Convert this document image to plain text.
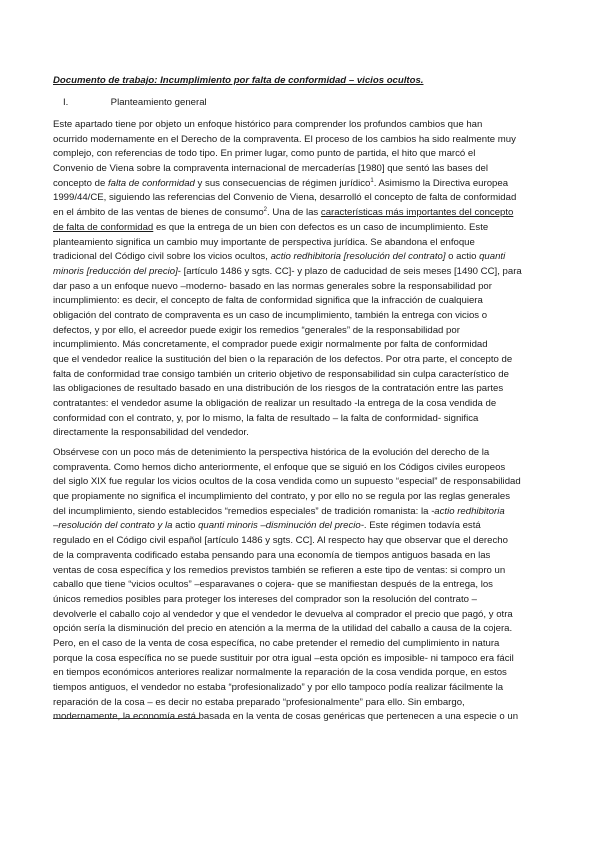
Documento de trabajo: Incumplimiento por falta de conformidad – vicios ocultos.
I.	Planteamiento general
Este apartado tiene por objeto un enfoque histórico para comprender los profundos cambios que han
ocurrido modernamente en el Derecho de la compraventa. El proceso de los cambios ha sido realmente muy
complejo, con referencias de todo tipo. En primer lugar, como punto de partida, el hito que marcó el
Convenio de Viena sobre la compraventa internacional de mercaderías [1980] que sentó las bases del
concepto de falta de conformidad y sus consecuencias de régimen jurídico$^1$. Asimismo la Directiva europea
1999/44/CE, siguiendo las referencias del Convenio de Viena, desarrolló el concepto de falta de conformidad
en el ámbito de las ventas de bienes de consumo$^2$. Una de las características más importantes del concepto
de falta de conformidad es que la entrega de un bien con defectos es un caso de incumplimiento. Este
planteamiento significa un cambio muy importante de perspectiva jurídica. Se abandona el enfoque
tradicional del Código civil sobre los vicios ocultos, actio redhibitoria [resolución del contrato] o actio quanti
minoris [reducción del precio]- [artículo 1486 y sgts. CC]- y plazo de caducidad de seis meses [1490 CC], para
dar paso a un enfoque nuevo –moderno- basado en las normas generales sobre la responsabilidad por
incumplimiento: es decir, el concepto de falta de conformidad significa que la infracción de cualquiera
obligación del contrato de compraventa es un caso de incumplimiento, también la entrega con vicios o
defectos, y por ello, el acreedor puede exigir los remedios “generales” de la responsabilidad por
incumplimiento. Más concretamente, el comprador puede exigir normalmente por falta de conformidad
que el vendedor realice la sustitución del bien o la reparación de los defectos. Por otra parte, el concepto de
falta de conformidad trae consigo también un criterio objetivo de responsabilidad sin culpa característico de
las obligaciones de resultado basado en una distribución de los riesgos de la contratación entre las partes
contratantes: el vendedor asume la obligación de realizar un resultado -la entrega de la cosa vendida de
conformidad con el contrato, y, por lo mismo, la falta de resultado – la falta de conformidad- significa
directamente la responsabilidad del vendedor.
Obsérvese con un poco más de detenimiento la perspectiva histórica de la evolución del derecho de la
compraventa. Como hemos dicho anteriormente, el enfoque que se siguió en los Códigos civiles europeos
del siglo XIX fue regular los vicios ocultos de la cosa vendida como un supuesto “especial” de responsabilidad
que propiamente no significa el incumplimiento del contrato, y por ello no se regula por las reglas generales
del incumplimiento, siendo establecidos “remedios especiales” de tradición romanista: la -actio redhibitoria
–resolución del contrato y la actio quanti minoris –disminución del precio-. Este régimen todavía está
regulado en el Código civil español [artículo 1486 y sgts. CC]. Al respecto hay que observar que el derecho
de la compraventa codificado estaba pensando para una economía de tiempos antiguos basada en las
ventas de cosa específica y los remedios previstos también se refieren a este tipo de ventas: si compro un
caballo que tiene “vicios ocultos” –esparavanes o cojera- que se manifiestan después de la entrega, los
únicos remedios posibles para proteger los intereses del comprador son la resolución del contrato –
devolverle el caballo cojo al vendedor y que el vendedor le devuelva al comprador el precio que pagó, y otra
opción sería la disminución del precio en atención a la merma de la utilidad del caballo a causa de la cojera.
Pero, en el caso de la venta de cosa específica, no cabe pretender el remedio del cumplimiento in natura
porque la cosa específica no se puede sustituir por otra igual –esta opción es imposible- ni tampoco era fácil
en tiempos económicos anteriores realizar normalmente la reparación de la cosa vendida porque, en estos
tiempos antiguos, el vendedor no estaba “profesionalizado” y por ello tampoco podía realizar fácilmente la
reparación de la cosa – es decir no estaba preparado “profesionalmente” para ello. Sin embargo,
modernamente, la economía está basada en la venta de cosas genéricas que pertenecen a una especie o un
